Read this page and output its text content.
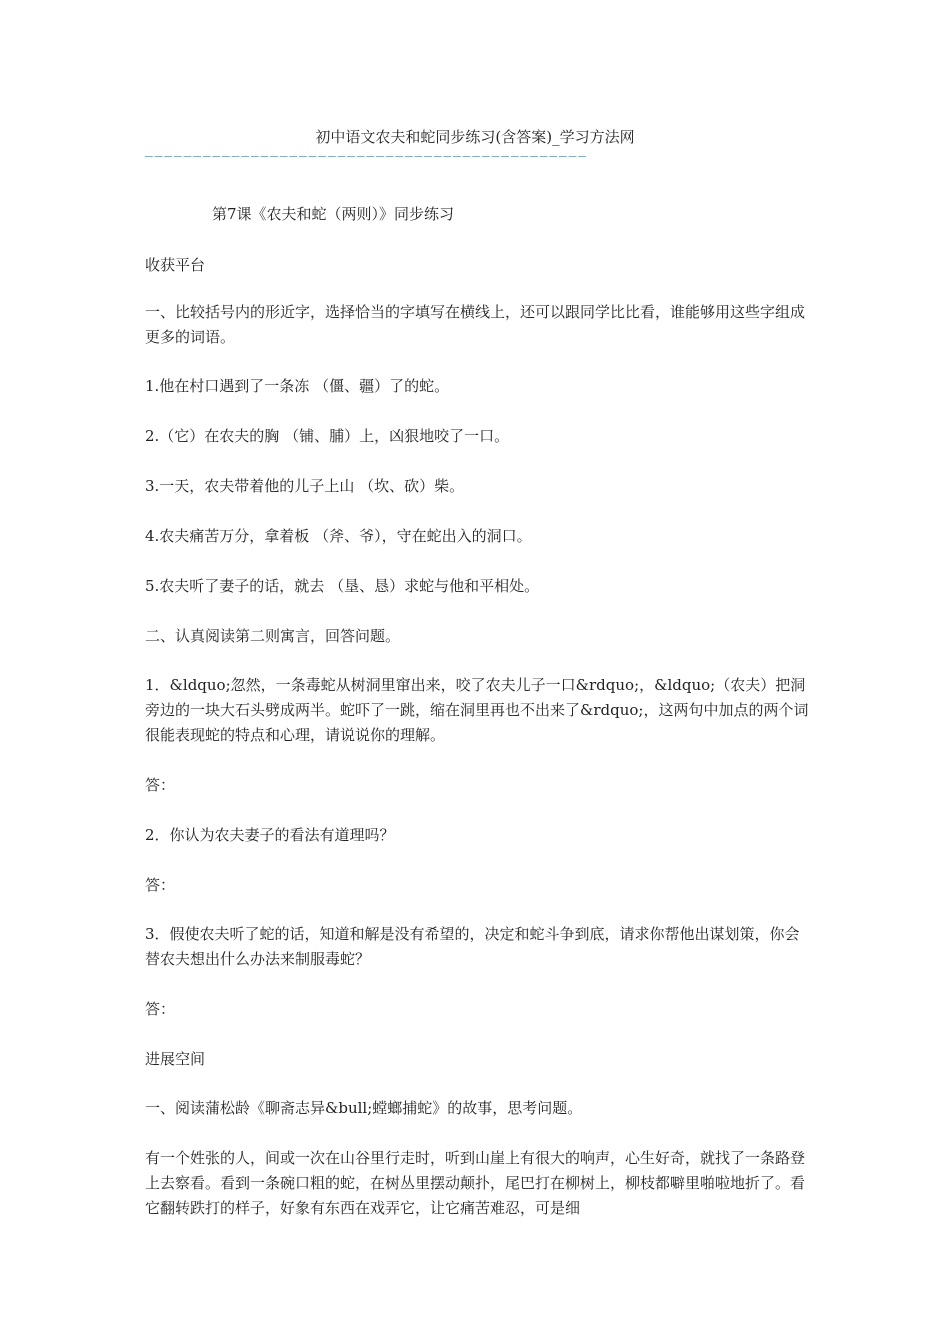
初中语文农夫和蛇同步练习(含答案)_学习方法网
——————————————————————————————————————————————

第7课《农夫和蛇（两则）》同步练习

收获平台

一、比较括号内的形近字，选择恰当的字填写在横线上，还可以跟同学比比看，谁能够用这些字组成更多的词语。

1.他在村口遇到了一条冻 （僵、疆）了的蛇。

2.（它）在农夫的胸 （铺、脯）上，凶狠地咬了一口。

3.一天，农夫带着他的儿子上山 （坎、砍）柴。

4.农夫痛苦万分，拿着板 （斧、爷），守在蛇出入的洞口。

5.农夫听了妻子的话，就去 （垦、恳）求蛇与他和平相处。

二、认真阅读第二则寓言，回答问题。

1．&ldquo;忽然，一条毒蛇从树洞里窜出来，咬了农夫儿子一口&rdquo;，&ldquo;（农夫）把洞旁边的一块大石头劈成两半。蛇吓了一跳，缩在洞里再也不出来了&rdquo;，这两句中加点的两个词很能表现蛇的特点和心理，请说说你的理解。

答：

2．你认为农夫妻子的看法有道理吗？

答：

3．假使农夫听了蛇的话，知道和解是没有希望的，决定和蛇斗争到底，请求你帮他出谋划策，你会替农夫想出什么办法来制服毒蛇？

答：

进展空间

一、阅读蒲松龄《聊斋志异&bull;螳螂捕蛇》的故事，思考问题。

有一个姓张的人，间或一次在山谷里行走时，听到山崖上有很大的响声，心生好奇，就找了一条路登上去察看。看到一条碗口粗的蛇，在树丛里摆动颠扑，尾巴打在柳树上，柳枝都噼里啪啦地折了。看它翻转跌打的样子，好象有东西在戏弄它，让它痛苦难忍，可是细
